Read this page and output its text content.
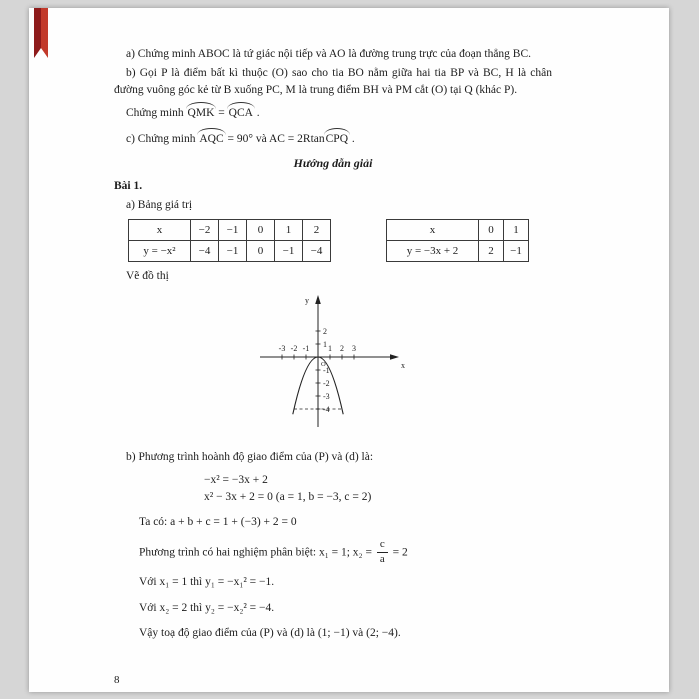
a) Chứng minh ABOC là tứ giác nội tiếp và AO là đường trung trực của đoạn thẳng BC.

b) Gọi P là điểm bất kì thuộc (O) sao cho tia BO nằm giữa hai tia BP và BC, H là chân đường vuông góc kẻ từ B xuống PC, M là trung điểm BH và PM cắt (O) tại Q (khác P).

Chứng minh QMK = QCA .

c) Chứng minh AQC = 90° và AC = 2RtanCPQ .

Hướng dẫn giải

Bài 1.

a) Bảng giá trị

x	−2	−1	0	1	2
y = −x²	−4	−1	0	−1	−4
x	0	1
y = −3x + 2	2	−1

Vẽ đồ thị

y
x
O
-3 -2 -1 1 2 3
2
1
-1
-2
-3
-4

b) Phương trình hoành độ giao điểm của (P) và (d) là:

−x² = −3x + 2

x² − 3x + 2 = 0 (a = 1, b = −3, c = 2)

Ta có: a + b + c = 1 + (−3) + 2 = 0

Phương trình có hai nghiệm phân biệt: x₁ = 1; $x_2 = \frac{c}{a} = 2$

Với x₁ = 1 thì y₁ = −x₁² = −1.

Với x₂ = 2 thì y₂ = −x₂² = −4.

Vậy toạ độ giao điểm của (P) và (d) là (1; −1) và (2; −4).

8
